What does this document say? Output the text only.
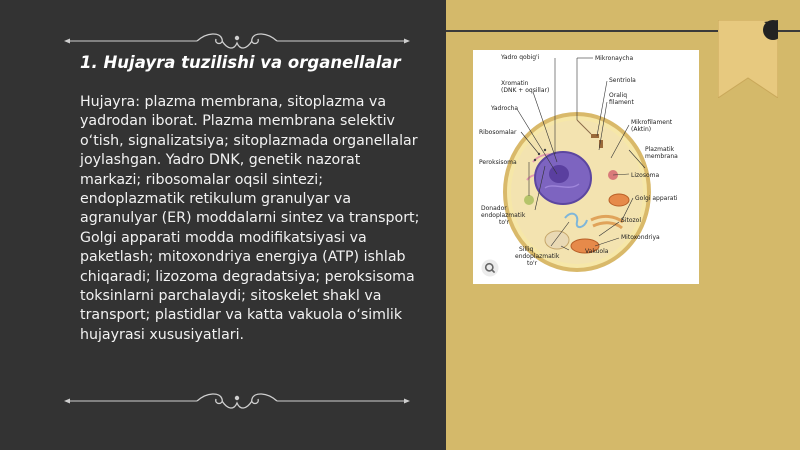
1. Hujayra tuzilishi va organellalar

Hujayra: plazma membrana, sitoplazma va yadrodan iborat. Plazma membrana selektiv o‘tish, signalizatsiya; sitoplazmada organellalar joylashgan. Yadro DNK, genetik nazorat markazi; ribosomalar oqsil sintezi; endoplazmatik retikulum granulyar va agranulyar (ER) moddalarni sintez va transport; Golgi apparati modda modifikatsiyasi va paketlash; mitoxondriya energiya (ATP) ishlab chiqaradi; lizozoma degradatsiya; peroksisoma toksinlarni parchalaydi; sitoskelet shakl va transport; plastidlar va katta vakuola o‘simlik hujayrasi xususiyatlari.

Yadro qobig'i	Mikronaycha
Xromatin
(DNK + oqsillar)
Sentriola
Oraliq
filament
Yadrocha
Mikrofilament
(Aktin)
Ribosomalar
Plazmatik
membrana
Peroksisoma
Lizosoma
Golgi apparati
Donador
endoplazmatik
to'r	Sitozol
Mitoxondriya
Silliq
endoplazmatik
to'r
Vakuola
